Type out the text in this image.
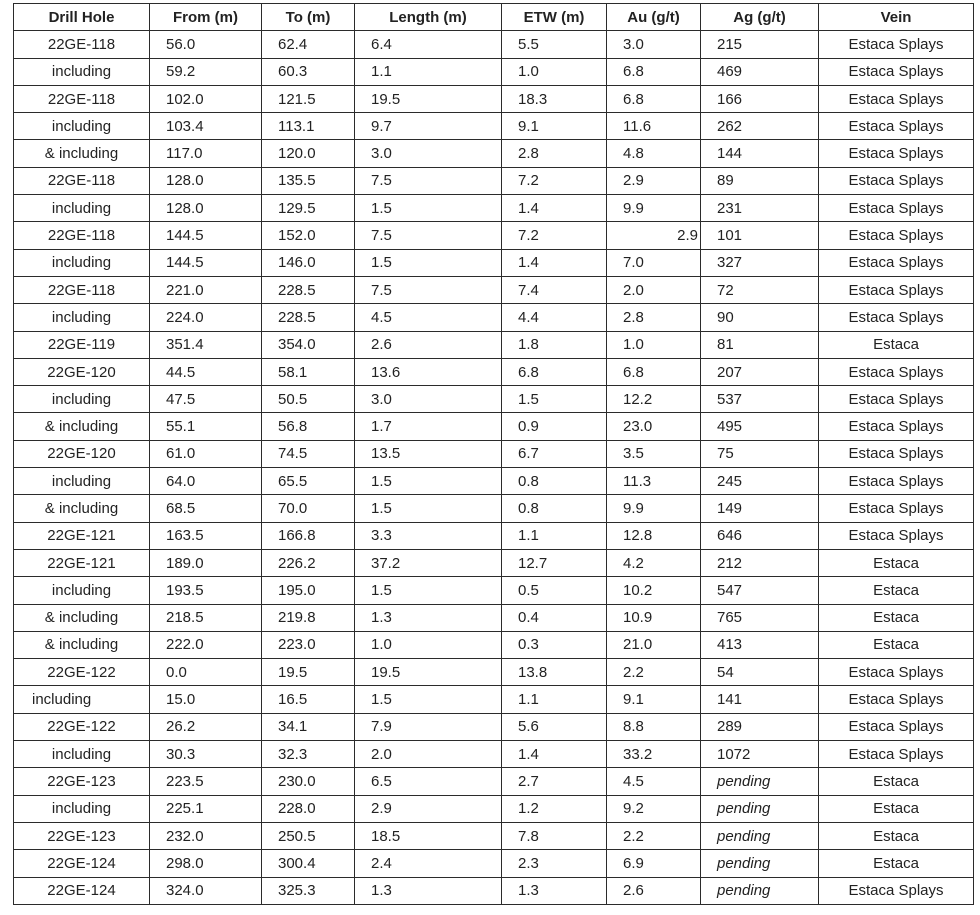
Drill Hole	From (m)	To (m)	Length (m)	ETW (m)	Au (g/t)	Ag (g/t)	Vein
22GE-118	56.0	62.4	6.4	5.5	3.0	215	Estaca Splays
including	59.2	60.3	1.1	1.0	6.8	469	Estaca Splays
22GE-118	102.0	121.5	19.5	18.3	6.8	166	Estaca Splays
including	103.4	113.1	9.7	9.1	11.6	262	Estaca Splays
& including	117.0	120.0	3.0	2.8	4.8	144	Estaca Splays
22GE-118	128.0	135.5	7.5	7.2	2.9	89	Estaca Splays
including	128.0	129.5	1.5	1.4	9.9	231	Estaca Splays
22GE-118	144.5	152.0	7.5	7.2	2.9	101	Estaca Splays
including	144.5	146.0	1.5	1.4	7.0	327	Estaca Splays
22GE-118	221.0	228.5	7.5	7.4	2.0	72	Estaca Splays
including	224.0	228.5	4.5	4.4	2.8	90	Estaca Splays
22GE-119	351.4	354.0	2.6	1.8	1.0	81	Estaca
22GE-120	44.5	58.1	13.6	6.8	6.8	207	Estaca Splays
including	47.5	50.5	3.0	1.5	12.2	537	Estaca Splays
& including	55.1	56.8	1.7	0.9	23.0	495	Estaca Splays
22GE-120	61.0	74.5	13.5	6.7	3.5	75	Estaca Splays
including	64.0	65.5	1.5	0.8	11.3	245	Estaca Splays
& including	68.5	70.0	1.5	0.8	9.9	149	Estaca Splays
22GE-121	163.5	166.8	3.3	1.1	12.8	646	Estaca Splays
22GE-121	189.0	226.2	37.2	12.7	4.2	212	Estaca
including	193.5	195.0	1.5	0.5	10.2	547	Estaca
& including	218.5	219.8	1.3	0.4	10.9	765	Estaca
& including	222.0	223.0	1.0	0.3	21.0	413	Estaca
22GE-122	0.0	19.5	19.5	13.8	2.2	54	Estaca Splays
including	15.0	16.5	1.5	1.1	9.1	141	Estaca Splays
22GE-122	26.2	34.1	7.9	5.6	8.8	289	Estaca Splays
including	30.3	32.3	2.0	1.4	33.2	1072	Estaca Splays
22GE-123	223.5	230.0	6.5	2.7	4.5	pending	Estaca
including	225.1	228.0	2.9	1.2	9.2	pending	Estaca
22GE-123	232.0	250.5	18.5	7.8	2.2	pending	Estaca
22GE-124	298.0	300.4	2.4	2.3	6.9	pending	Estaca
22GE-124	324.0	325.3	1.3	1.3	2.6	pending	Estaca Splays
